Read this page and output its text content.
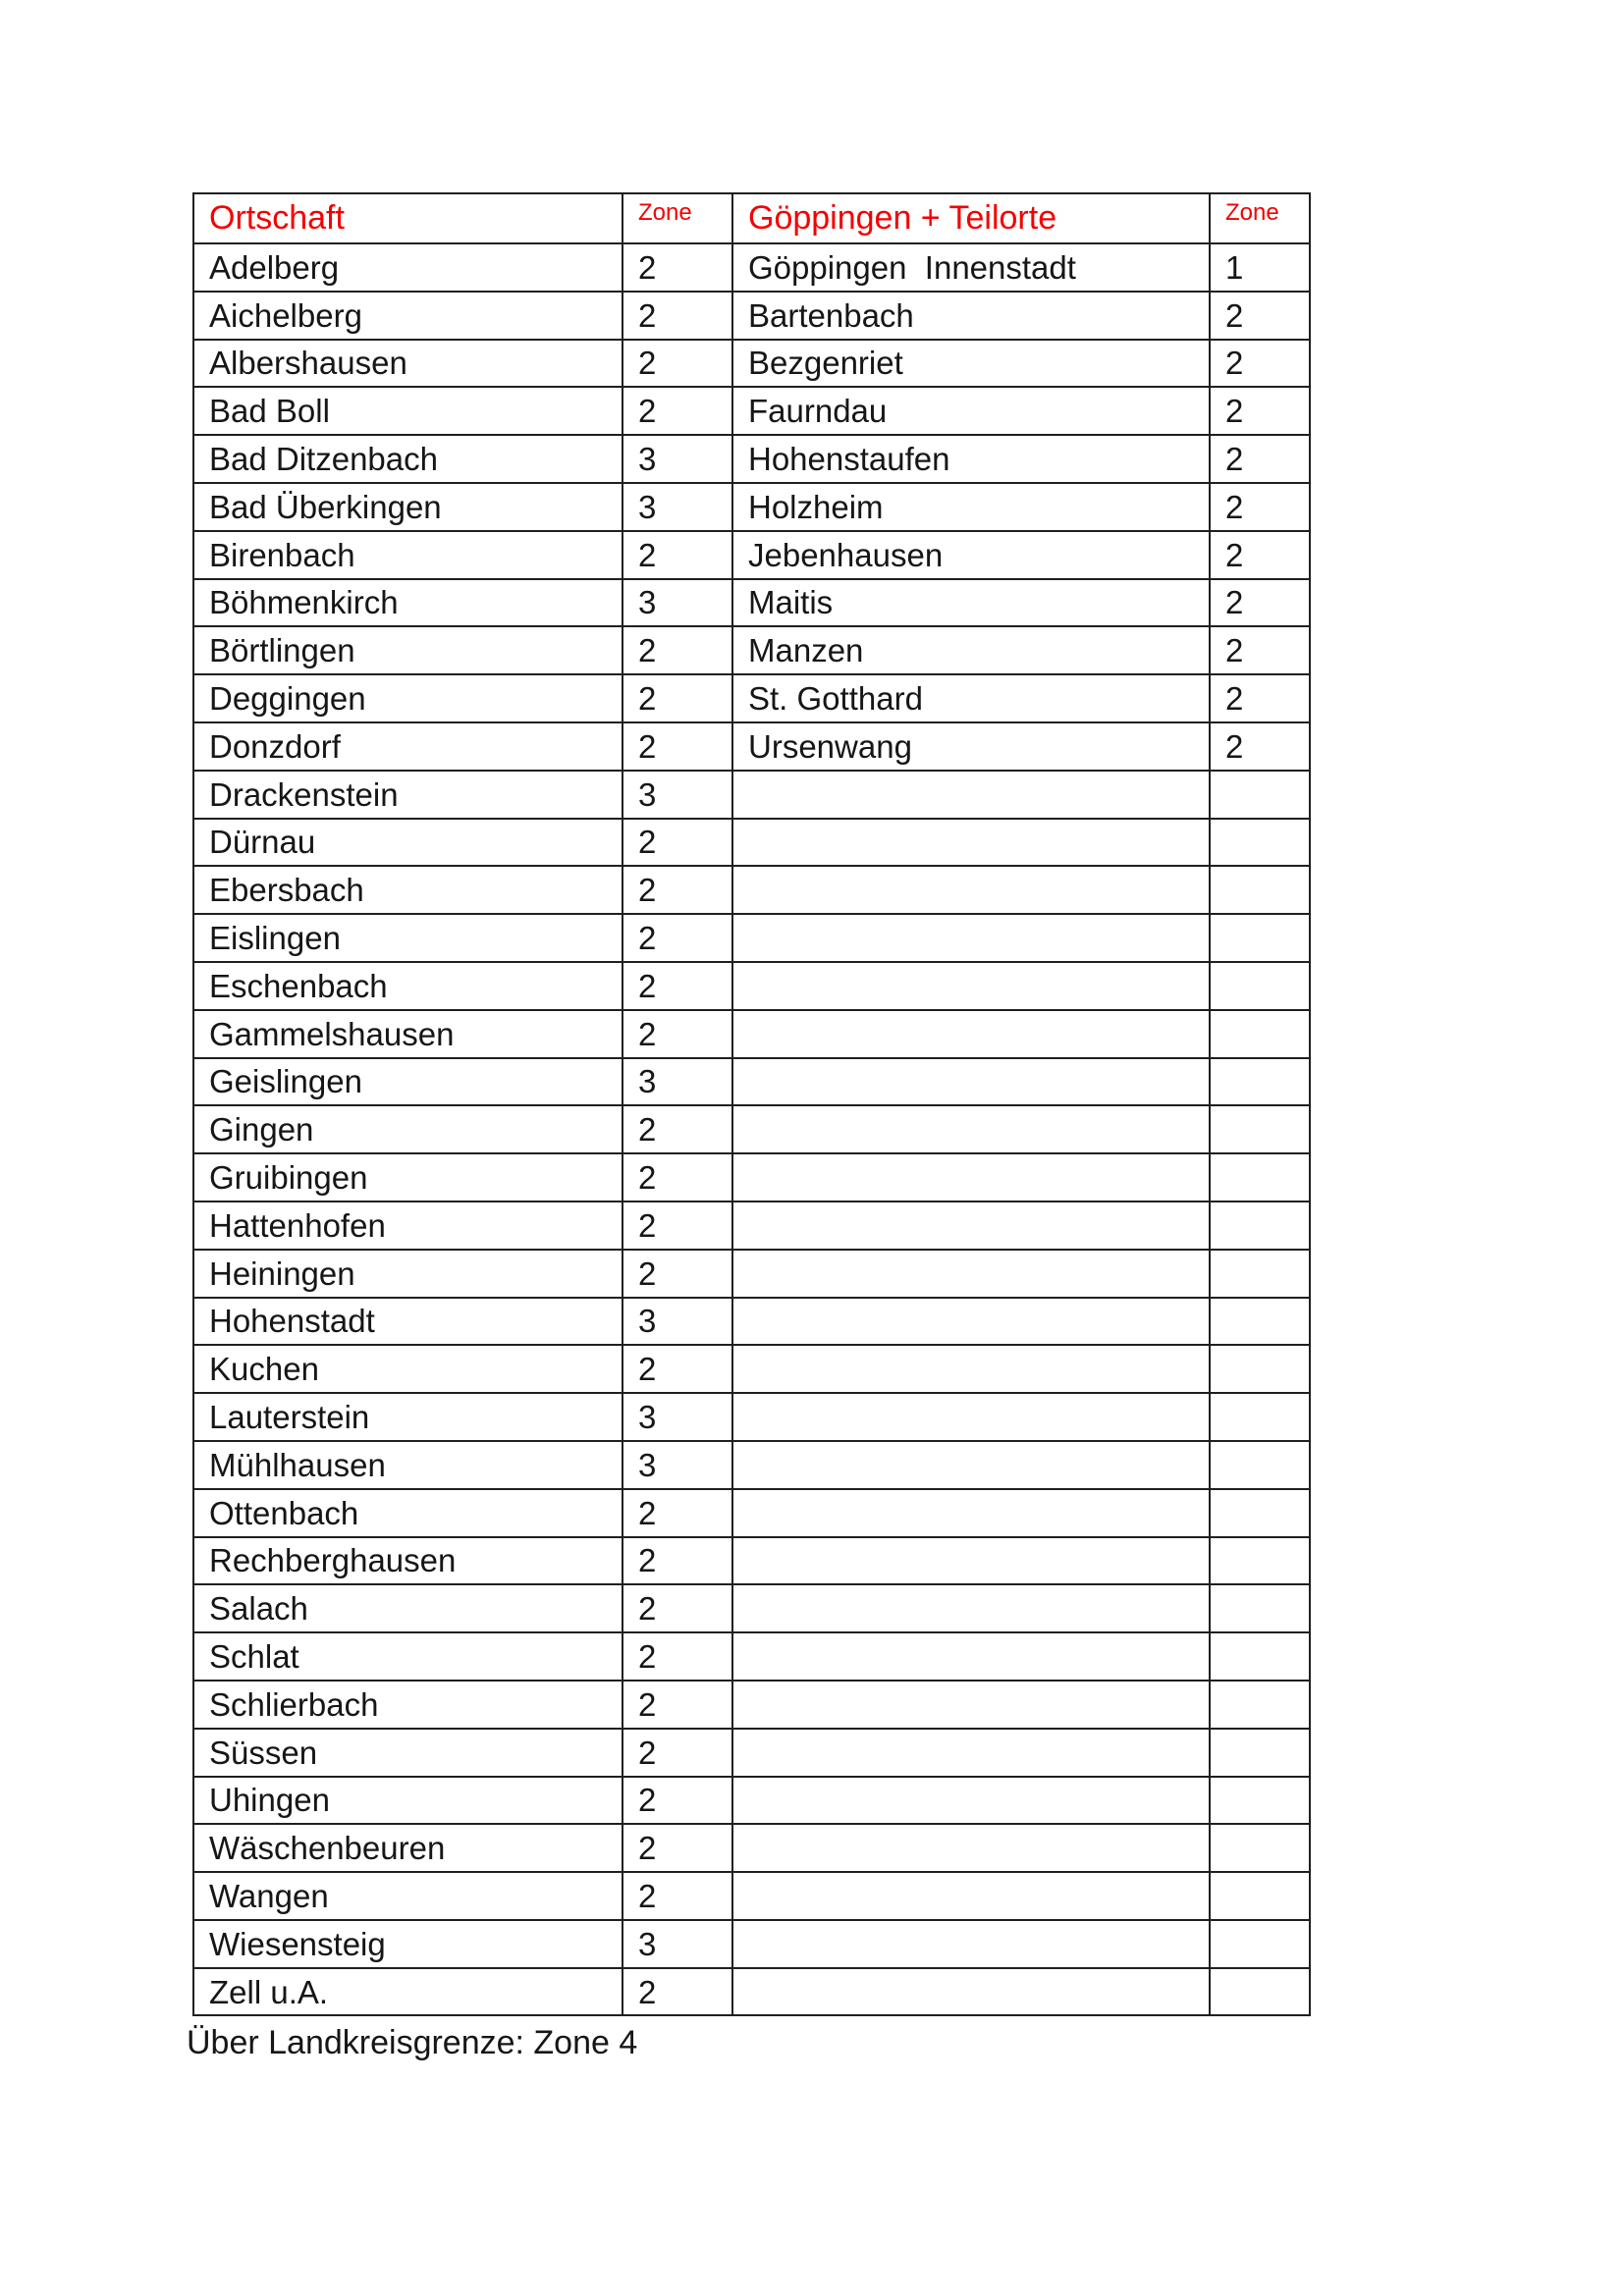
Ortschaft	Zone	Göppingen + Teilorte	Zone
Adelberg	2	Göppingen  Innenstadt	1
Aichelberg	2	Bartenbach	2
Albershausen	2	Bezgenriet	2
Bad Boll	2	Faurndau	2
Bad Ditzenbach	3	Hohenstaufen	2
Bad Überkingen	3	Holzheim	2
Birenbach	2	Jebenhausen	2
Böhmenkirch	3	Maitis	2
Börtlingen	2	Manzen	2
Deggingen	2	St. Gotthard	2
Donzdorf	2	Ursenwang	2
Drackenstein	3		
Dürnau	2		
Ebersbach	2		
Eislingen	2		
Eschenbach	2		
Gammelshausen	2		
Geislingen	3		
Gingen	2		
Gruibingen	2		
Hattenhofen	2		
Heiningen	2		
Hohenstadt	3		
Kuchen	2		
Lauterstein	3		
Mühlhausen	3		
Ottenbach	2		
Rechberghausen	2		
Salach	2		
Schlat	2		
Schlierbach	2		
Süssen	2		
Uhingen	2		
Wäschenbeuren	2		
Wangen	2		
Wiesensteig	3		
Zell u.A.	2		
Über Landkreisgrenze: Zone 4
